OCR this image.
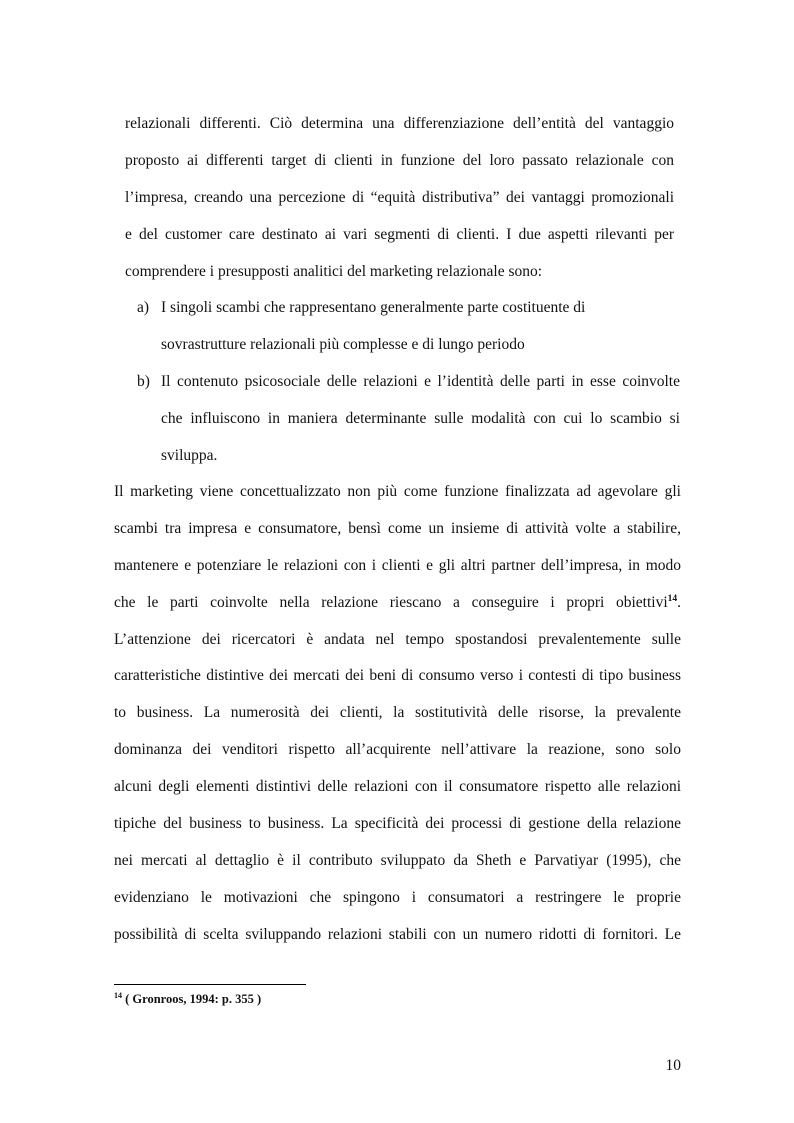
relazionali differenti. Ciò determina una differenziazione dell’entità del vantaggio
proposto ai differenti target di clienti in funzione del loro passato relazionale con
l’impresa, creando una percezione di “equità distributiva” dei vantaggi promozionali
e del customer care destinato ai vari segmenti di clienti. I due aspetti rilevanti per
comprendere i presupposti analitici del marketing relazionale sono:
a) I singoli scambi che rappresentano generalmente parte costituente di
sovrastrutture relazionali più complesse e di lungo periodo
b) Il contenuto psicosociale delle relazioni e l’identità delle parti in esse coinvolte
che influiscono in maniera determinante sulle modalità con cui lo scambio si
sviluppa.
Il marketing viene concettualizzato non più come funzione finalizzata ad agevolare gli
scambi tra impresa e consumatore, bensì come un insieme di attività volte a stabilire,
mantenere e potenziare le relazioni con i clienti e gli altri partner dell’impresa, in modo
che le parti coinvolte nella relazione riescano a conseguire i propri obiettivi$^{14}$.
L’attenzione dei ricercatori è andata nel tempo spostandosi prevalentemente sulle
caratteristiche distintive dei mercati dei beni di consumo verso i contesti di tipo business
to business. La numerosità dei clienti, la sostitutività delle risorse, la prevalente
dominanza dei venditori rispetto all’acquirente nell’attivare la reazione, sono solo
alcuni degli elementi distintivi delle relazioni con il consumatore rispetto alle relazioni
tipiche del business to business. La specificità dei processi di gestione della relazione
nei mercati al dettaglio è il contributo sviluppato da Sheth e Parvatiyar (1995), che
evidenziano le motivazioni che spingono i consumatori a restringere le proprie
possibilità di scelta sviluppando relazioni stabili con un numero ridotti di fornitori. Le
$^{14}$ ( Gronroos, 1994: p. 355 )
10
